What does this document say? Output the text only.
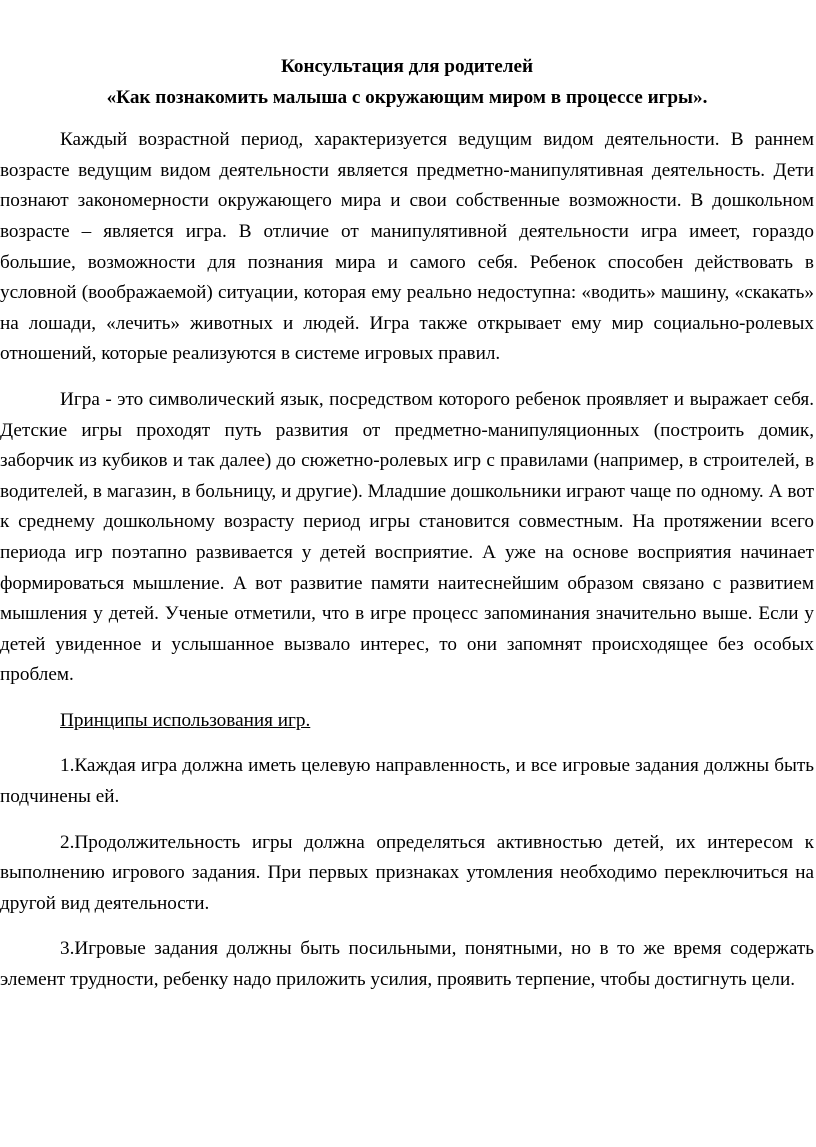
Консультация для родителей
«Как познакомить малыша с окружающим миром в процессе игры».

Каждый возрастной период, характеризуется ведущим видом деятельности. В раннем возрасте ведущим видом деятельности является предметно-манипулятивная деятельность. Дети познают закономерности окружающего мира и свои собственные возможности. В дошкольном возрасте – является игра. В отличие от манипулятивной деятельности игра имеет, гораздо большие, возможности для познания мира и самого себя. Ребенок способен действовать в условной (воображаемой) ситуации, которая ему реально недоступна: «водить» машину, «скакать» на лошади, «лечить» животных и людей. Игра также открывает ему мир социально-ролевых отношений, которые реализуются в системе игровых правил.

Игра - это символический язык, посредством которого ребенок проявляет и выражает себя. Детские игры проходят путь развития от предметно-манипуляционных (построить домик, заборчик из кубиков и так далее) до сюжетно-ролевых игр с правилами (например, в строителей, в водителей, в магазин, в больницу, и другие). Младшие дошкольники играют чаще по одному. А вот к среднему дошкольному возрасту период игры становится совместным. На протяжении всего периода игр поэтапно развивается у детей восприятие. А уже на основе восприятия начинает формироваться мышление. А вот развитие памяти наитеснейшим образом связано с развитием мышления у детей. Ученые отметили, что в игре процесс запоминания значительно выше. Если у детей увиденное и услышанное вызвало интерес, то они запомнят происходящее без особых проблем.

Принципы использования игр.

1.Каждая игра должна иметь целевую направленность, и все игровые задания должны быть подчинены ей.

2.Продолжительность игры должна определяться активностью детей, их интересом к выполнению игрового задания. При первых признаках утомления необходимо переключиться на другой вид деятельности.

3.Игровые задания должны быть посильными, понятными, но в то же время содержать элемент трудности, ребенку надо приложить усилия, проявить терпение, чтобы достигнуть цели.
